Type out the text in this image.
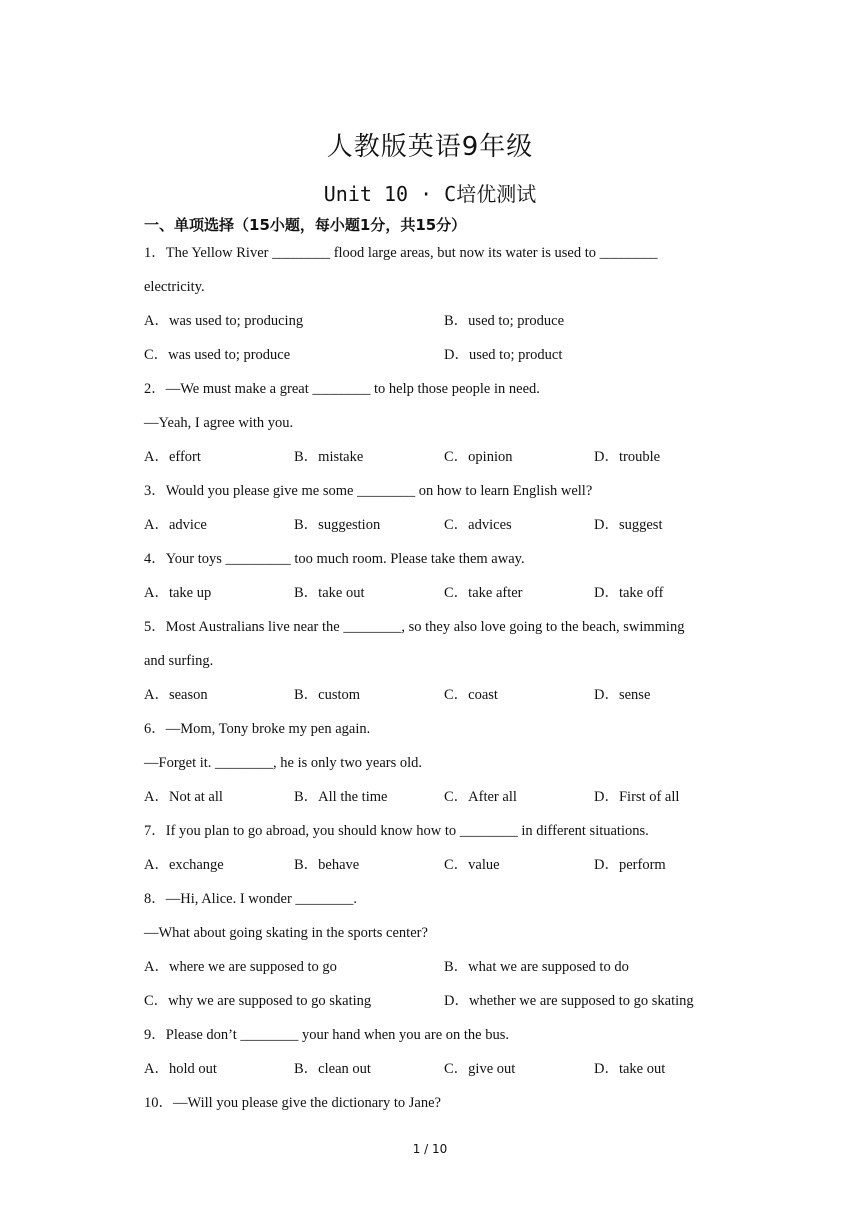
人教版英语9年级
Unit 10 · C培优测试
一、单项选择（15小题，每小题1分，共15分）
1．The Yellow River ________ flood large areas, but now its water is used to ________
electricity.
A．was used to; producing	B．used to; produce
C．was used to; produce	D．used to; product
2．—We must make a great ________ to help those people in need.
—Yeah, I agree with you.
A．effort	B．mistake	C．opinion	D．trouble
3．Would you please give me some ________ on how to learn English well?
A．advice	B．suggestion	C．advices	D．suggest
4．Your toys _________ too much room. Please take them away.
A．take up	B．take out	C．take after	D．take off
5．Most Australians live near the ________, so they also love going to the beach, swimming
and surfing.
A．season	B．custom	C．coast	D．sense
6．—Mom, Tony broke my pen again.
—Forget it. ________, he is only two years old.
A．Not at all	B．All the time	C．After all	D．First of all
7．If you plan to go abroad, you should know how to ________ in different situations.
A．exchange	B．behave	C．value	D．perform
8．—Hi, Alice. I wonder ________.
—What about going skating in the sports center?
A．where we are supposed to go	B．what we are supposed to do
C．why we are supposed to go skating	D．whether we are supposed to go skating
9．Please don’t ________ your hand when you are on the bus.
A．hold out	B．clean out	C．give out	D．take out
10．—Will you please give the dictionary to Jane?
1 / 10
